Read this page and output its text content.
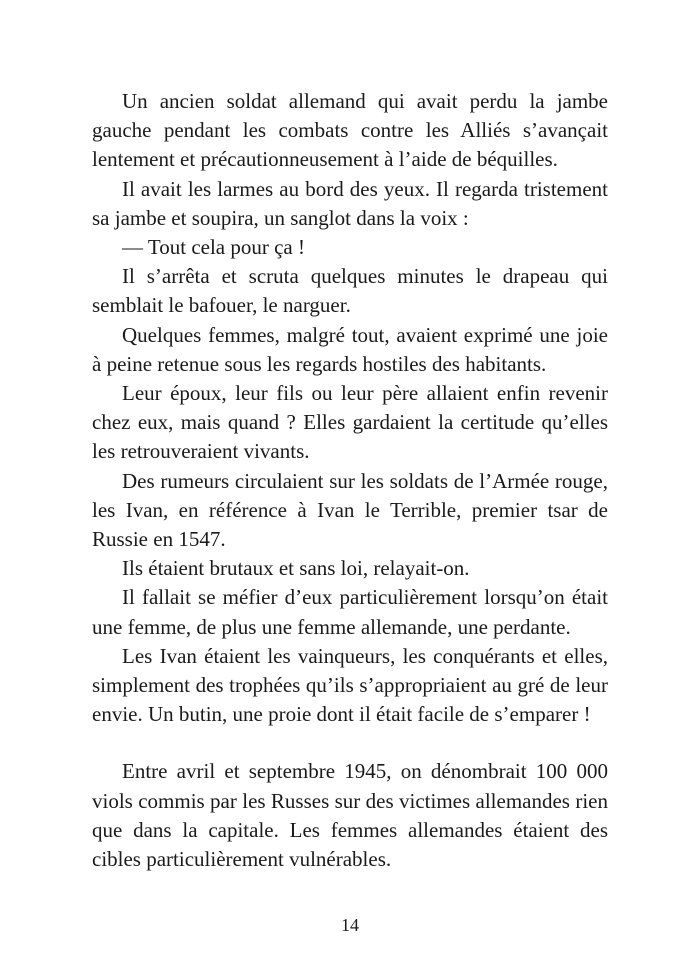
Un ancien soldat allemand qui avait perdu la jambe gauche pendant les combats contre les Alliés s’avançait lentement et précautionneusement à l’aide de béquilles.

Il avait les larmes au bord des yeux. Il regarda tristement sa jambe et soupira, un sanglot dans la voix :

— Tout cela pour ça !

Il s’arrêta et scruta quelques minutes le drapeau qui semblait le bafouer, le narguer.

Quelques femmes, malgré tout, avaient exprimé une joie à peine retenue sous les regards hostiles des habitants.

Leur époux, leur fils ou leur père allaient enfin revenir chez eux, mais quand ? Elles gardaient la certitude qu’elles les retrouveraient vivants.

Des rumeurs circulaient sur les soldats de l’Armée rouge, les Ivan, en référence à Ivan le Terrible, premier tsar de Russie en 1547.

Ils étaient brutaux et sans loi, relayait-on.

Il fallait se méfier d’eux particulièrement lorsqu’on était une femme, de plus une femme allemande, une perdante.

Les Ivan étaient les vainqueurs, les conquérants et elles, simplement des trophées qu’ils s’appropriaient au gré de leur envie. Un butin, une proie dont il était facile de s’emparer !

Entre avril et septembre 1945, on dénombrait 100 000 viols commis par les Russes sur des victimes allemandes rien que dans la capitale. Les femmes allemandes étaient des cibles particulièrement vulnérables.

14
